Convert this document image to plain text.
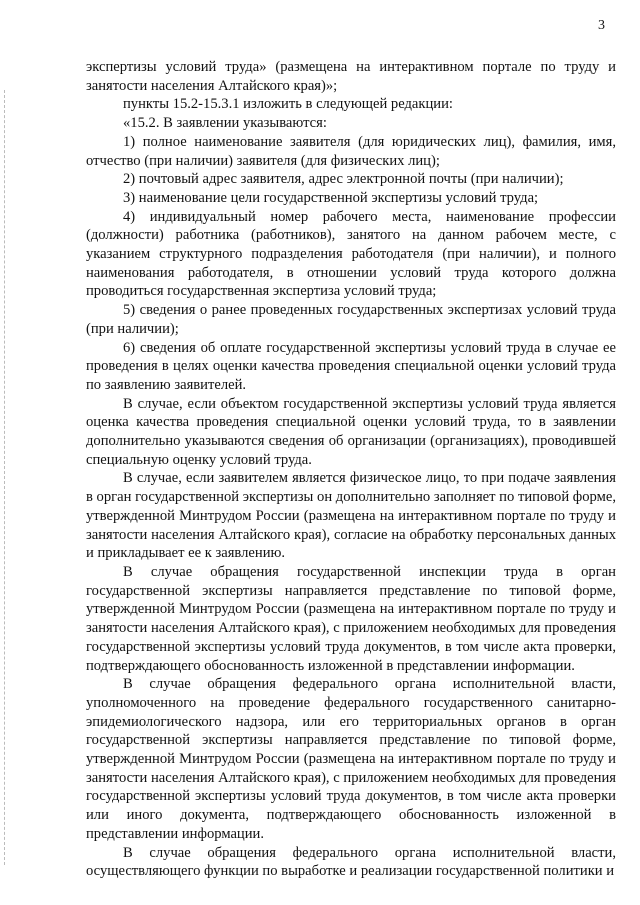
3

экспертизы условий труда» (размещена на интерактивном портале по труду и занятости населения Алтайского края)»;

пункты 15.2-15.3.1 изложить в следующей редакции:

«15.2. В заявлении указываются:

1) полное наименование заявителя (для юридических лиц), фамилия, имя, отчество (при наличии) заявителя (для физических лиц);

2) почтовый адрес заявителя, адрес электронной почты (при наличии);

3) наименование цели государственной экспертизы условий труда;

4) индивидуальный номер рабочего места, наименование профессии (должности) работника (работников), занятого на данном рабочем месте, с указанием структурного подразделения работодателя (при наличии), и полного наименования работодателя, в отношении условий труда которого должна проводиться государственная экспертиза условий труда;

5) сведения о ранее проведенных государственных экспертизах условий труда (при наличии);

6) сведения об оплате государственной экспертизы условий труда в случае ее проведения в целях оценки качества проведения специальной оценки условий труда по заявлению заявителей.

В случае, если объектом государственной экспертизы условий труда является оценка качества проведения специальной оценки условий труда, то в заявлении дополнительно указываются сведения об организации (организациях), проводившей специальную оценку условий труда.

В случае, если заявителем является физическое лицо, то при подаче заявления в орган государственной экспертизы он дополнительно заполняет по типовой форме, утвержденной Минтрудом России (размещена на интерактивном портале по труду и занятости населения Алтайского края), согласие на обработку персональных данных и прикладывает ее к заявлению.

В случае обращения государственной инспекции труда в орган государственной экспертизы направляется представление по типовой форме, утвержденной Минтрудом России (размещена на интерактивном портале по труду и занятости населения Алтайского края), с приложением необходимых для проведения государственной экспертизы условий труда документов, в том числе акта проверки, подтверждающего обоснованность изложенной в представлении информации.

В случае обращения федерального органа исполнительной власти, уполномоченного на проведение федерального государственного санитарно-эпидемиологического надзора, или его территориальных органов в орган государственной экспертизы направляется представление по типовой форме, утвержденной Минтрудом России (размещена на интерактивном портале по труду и занятости населения Алтайского края), с приложением необходимых для проведения государственной экспертизы условий труда документов, в том числе акта проверки или иного документа, подтверждающего обоснованность изложенной в представлении информации.

В случае обращения федерального органа исполнительной власти, осуществляющего функции по выработке и реализации государственной политики и
